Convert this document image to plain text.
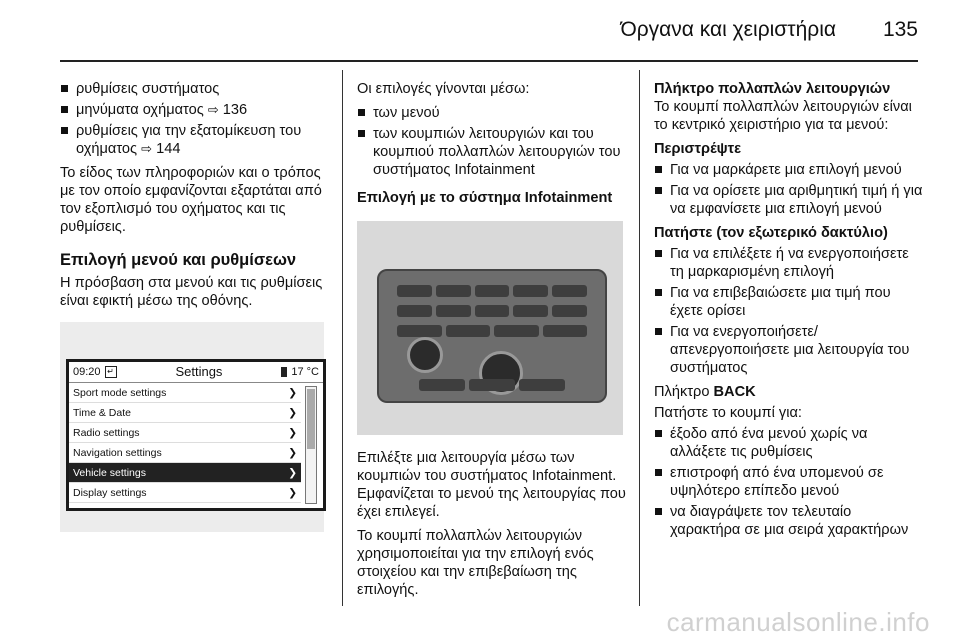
Όργανα και χειριστήρια 135
ρυθμίσεις συστήματος
μηνύματα οχήματος ⇨ 136
ρυθμίσεις για την εξατομίκευση του οχήματος ⇨ 144

Το είδος των πληροφοριών και ο τρόπος με τον οποίο εμφανίζονται εξαρτάται από τον εξοπλισμό του οχήματος και τις ρυθμίσεις.

Επιλογή μενού και ρυθμίσεων

Η πρόσβαση στα μενού και τις ρυθμίσεις είναι εφικτή μέσω της οθόνης.

09:20 ↵	Settings	17 °C
Sport mode settings	❯
Time & Date	❯
Radio settings	❯
Navigation settings	❯
Vehicle settings	❯
Display settings	❯

Οι επιλογές γίνονται μέσω:

των μενού
των κουμπιών λειτουργιών και του κουμπιού πολλαπλών λειτουργιών του συστήματος Infotainment

Επιλογή με το σύστημα Infotainment

Επιλέξτε μια λειτουργία μέσω των κουμπιών του συστήματος Infotainment. Εμφανίζεται το μενού της λειτουργίας που έχει επιλεγεί.

Το κουμπί πολλαπλών λειτουργιών χρησιμοποιείται για την επιλογή ενός στοιχείου και την επιβεβαίωση της επιλογής.

Πλήκτρο πολλαπλών λειτουργιών

Το κουμπί πολλαπλών λειτουργιών είναι το κεντρικό χειριστήριο για τα μενού:

Περιστρέψτε

Για να μαρκάρετε μια επιλογή μενού
Για να ορίσετε μια αριθμητική τιμή ή για να εμφανίσετε μια επιλογή μενού

Πατήστε (τον εξωτερικό δακτύλιο)

Για να επιλέξετε ή να ενεργοποιήσετε τη μαρκαρισμένη επιλογή
Για να επιβεβαιώσετε μια τιμή που έχετε ορίσει
Για να ενεργοποιήσετε/απενεργοποιήσετε μια λειτουργία του συστήματος

Πλήκτρο BACK

Πατήστε το κουμπί για:

έξοδο από ένα μενού χωρίς να αλλάξετε τις ρυθμίσεις
επιστροφή από ένα υπομενού σε υψηλότερο επίπεδο μενού
να διαγράψετε τον τελευταίο χαρακτήρα σε μια σειρά χαρακτήρων
carmanualsonline.info
